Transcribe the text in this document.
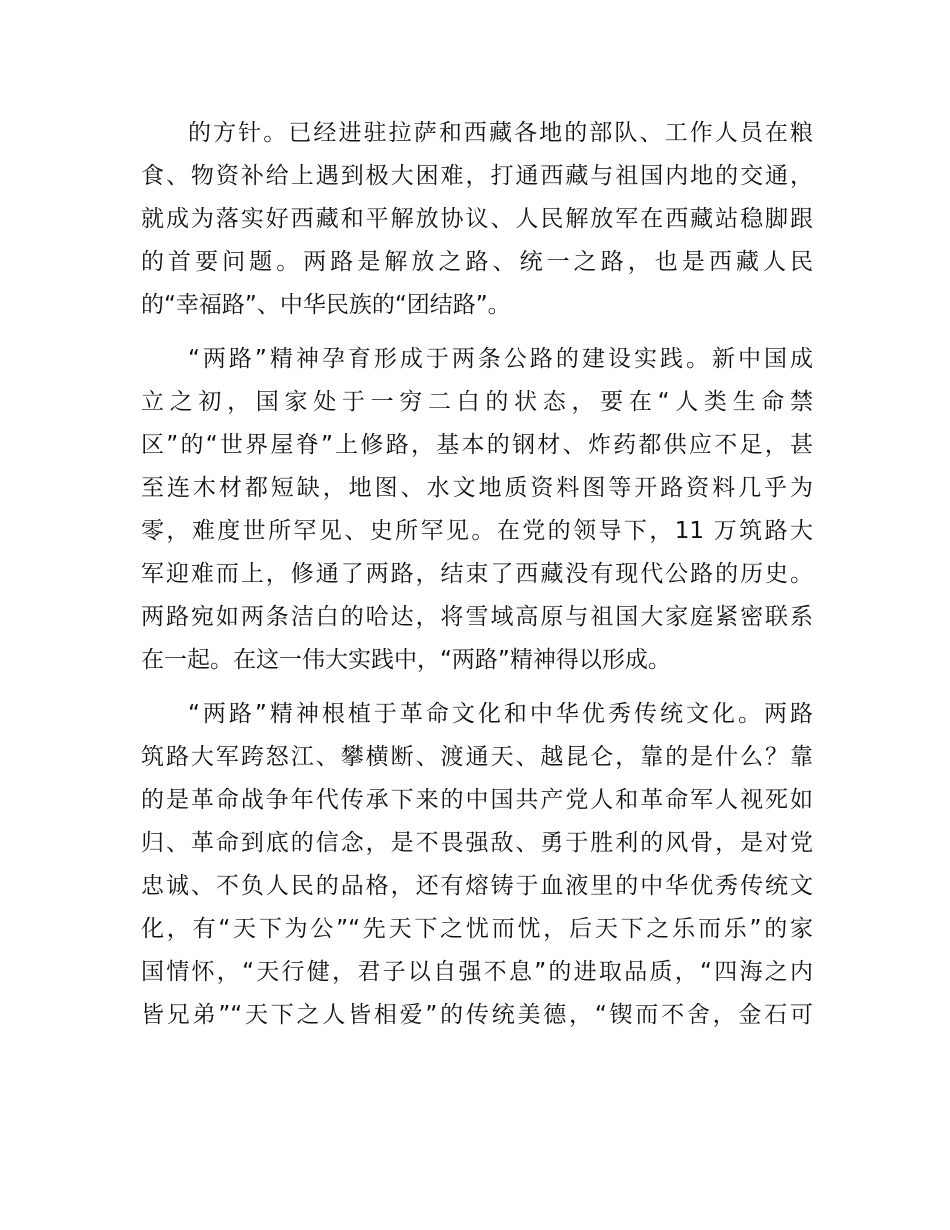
的方针。已经进驻拉萨和西藏各地的部队、工作人员在粮
食、物资补给上遇到极大困难，打通西藏与祖国内地的交通，
就成为落实好西藏和平解放协议、人民解放军在西藏站稳脚跟
的首要问题。两路是解放之路、统一之路，也是西藏人民
的“幸福路”、中华民族的“团结路”。
“两路”精神孕育形成于两条公路的建设实践。新中国成
立之初，国家处于一穷二白的状态，要在“人类生命禁
区”的“世界屋脊”上修路，基本的钢材、炸药都供应不足，甚
至连木材都短缺，地图、水文地质资料图等开路资料几乎为
零，难度世所罕见、史所罕见。在党的领导下，11 万筑路大
军迎难而上，修通了两路，结束了西藏没有现代公路的历史。
两路宛如两条洁白的哈达，将雪域高原与祖国大家庭紧密联系
在一起。在这一伟大实践中，“两路”精神得以形成。
“两路”精神根植于革命文化和中华优秀传统文化。两路
筑路大军跨怒江、攀横断、渡通天、越昆仑，靠的是什么？靠
的是革命战争年代传承下来的中国共产党人和革命军人视死如
归、革命到底的信念，是不畏强敌、勇于胜利的风骨，是对党
忠诚、不负人民的品格，还有熔铸于血液里的中华优秀传统文
化，有“天下为公”“先天下之忧而忧，后天下之乐而乐”的家
国情怀，“天行健，君子以自强不息”的进取品质，“四海之内
皆兄弟”“天下之人皆相爱”的传统美德，“锲而不舍，金石可
